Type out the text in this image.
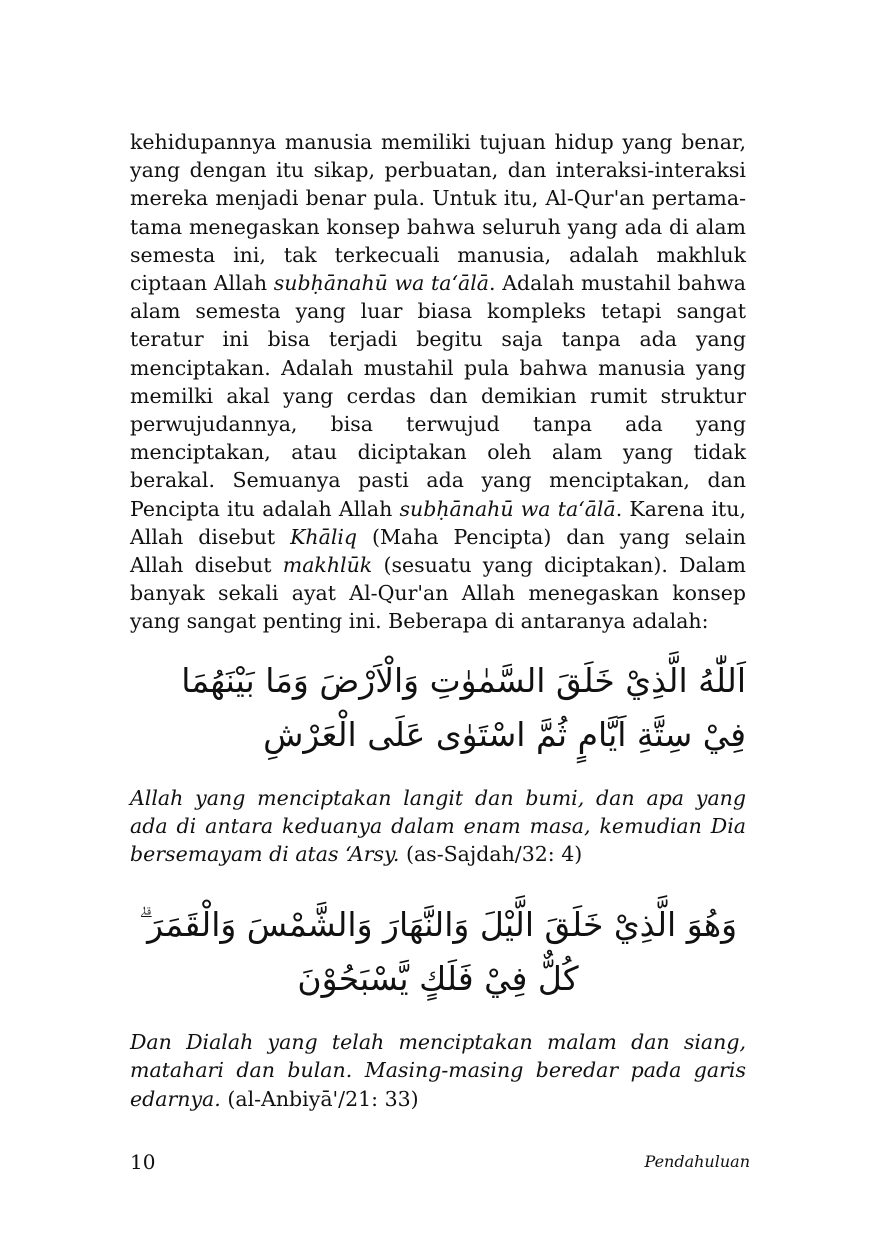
kehidupannya manusia memiliki tujuan hidup yang benar, yang dengan itu sikap, perbuatan, dan interaksi-interaksi mereka menjadi benar pula. Untuk itu, Al-Qur'an pertama-tama menegaskan konsep bahwa seluruh yang ada di alam semesta ini, tak terkecuali manusia, adalah makhluk ciptaan Allah subḥānahū wa ta‘ālā. Adalah mustahil bahwa alam semesta yang luar biasa kompleks tetapi sangat teratur ini bisa terjadi begitu saja tanpa ada yang menciptakan. Adalah mustahil pula bahwa manusia yang memilki akal yang cerdas dan demikian rumit struktur perwujudannya, bisa terwujud tanpa ada yang menciptakan, atau diciptakan oleh alam yang tidak berakal. Semuanya pasti ada yang menciptakan, dan Pencipta itu adalah Allah subḥānahū wa ta‘ālā. Karena itu, Allah disebut Khāliq (Maha Pencipta) dan yang selain Allah disebut makhlūk (sesuatu yang diciptakan). Dalam banyak sekali ayat Al-Qur'an Allah menegaskan konsep yang sangat penting ini. Beberapa di antaranya adalah:

اَللّٰهُ الَّذِيْ خَلَقَ السَّمٰوٰتِ وَالْاَرْضَ وَمَا بَيْنَهُمَا فِيْ سِتَّةِ اَيَّامٍ ثُمَّ اسْتَوٰى عَلَى الْعَرْشِ

Allah yang menciptakan langit dan bumi, dan apa yang ada di antara keduanya dalam enam masa, kemudian Dia bersemayam di atas ‘Arsy. (as-Sajdah/32: 4)

وَهُوَ الَّذِيْ خَلَقَ الَّيْلَ وَالنَّهَارَ وَالشَّمْسَ وَالْقَمَرَ ۗ كُلٌّ فِيْ فَلَكٍ يَّسْبَحُوْنَ

Dan Dialah yang telah menciptakan malam dan siang, matahari dan bulan. Masing-masing beredar pada garis edarnya. (al-Anbiyā'/21: 33)

10	Pendahuluan
